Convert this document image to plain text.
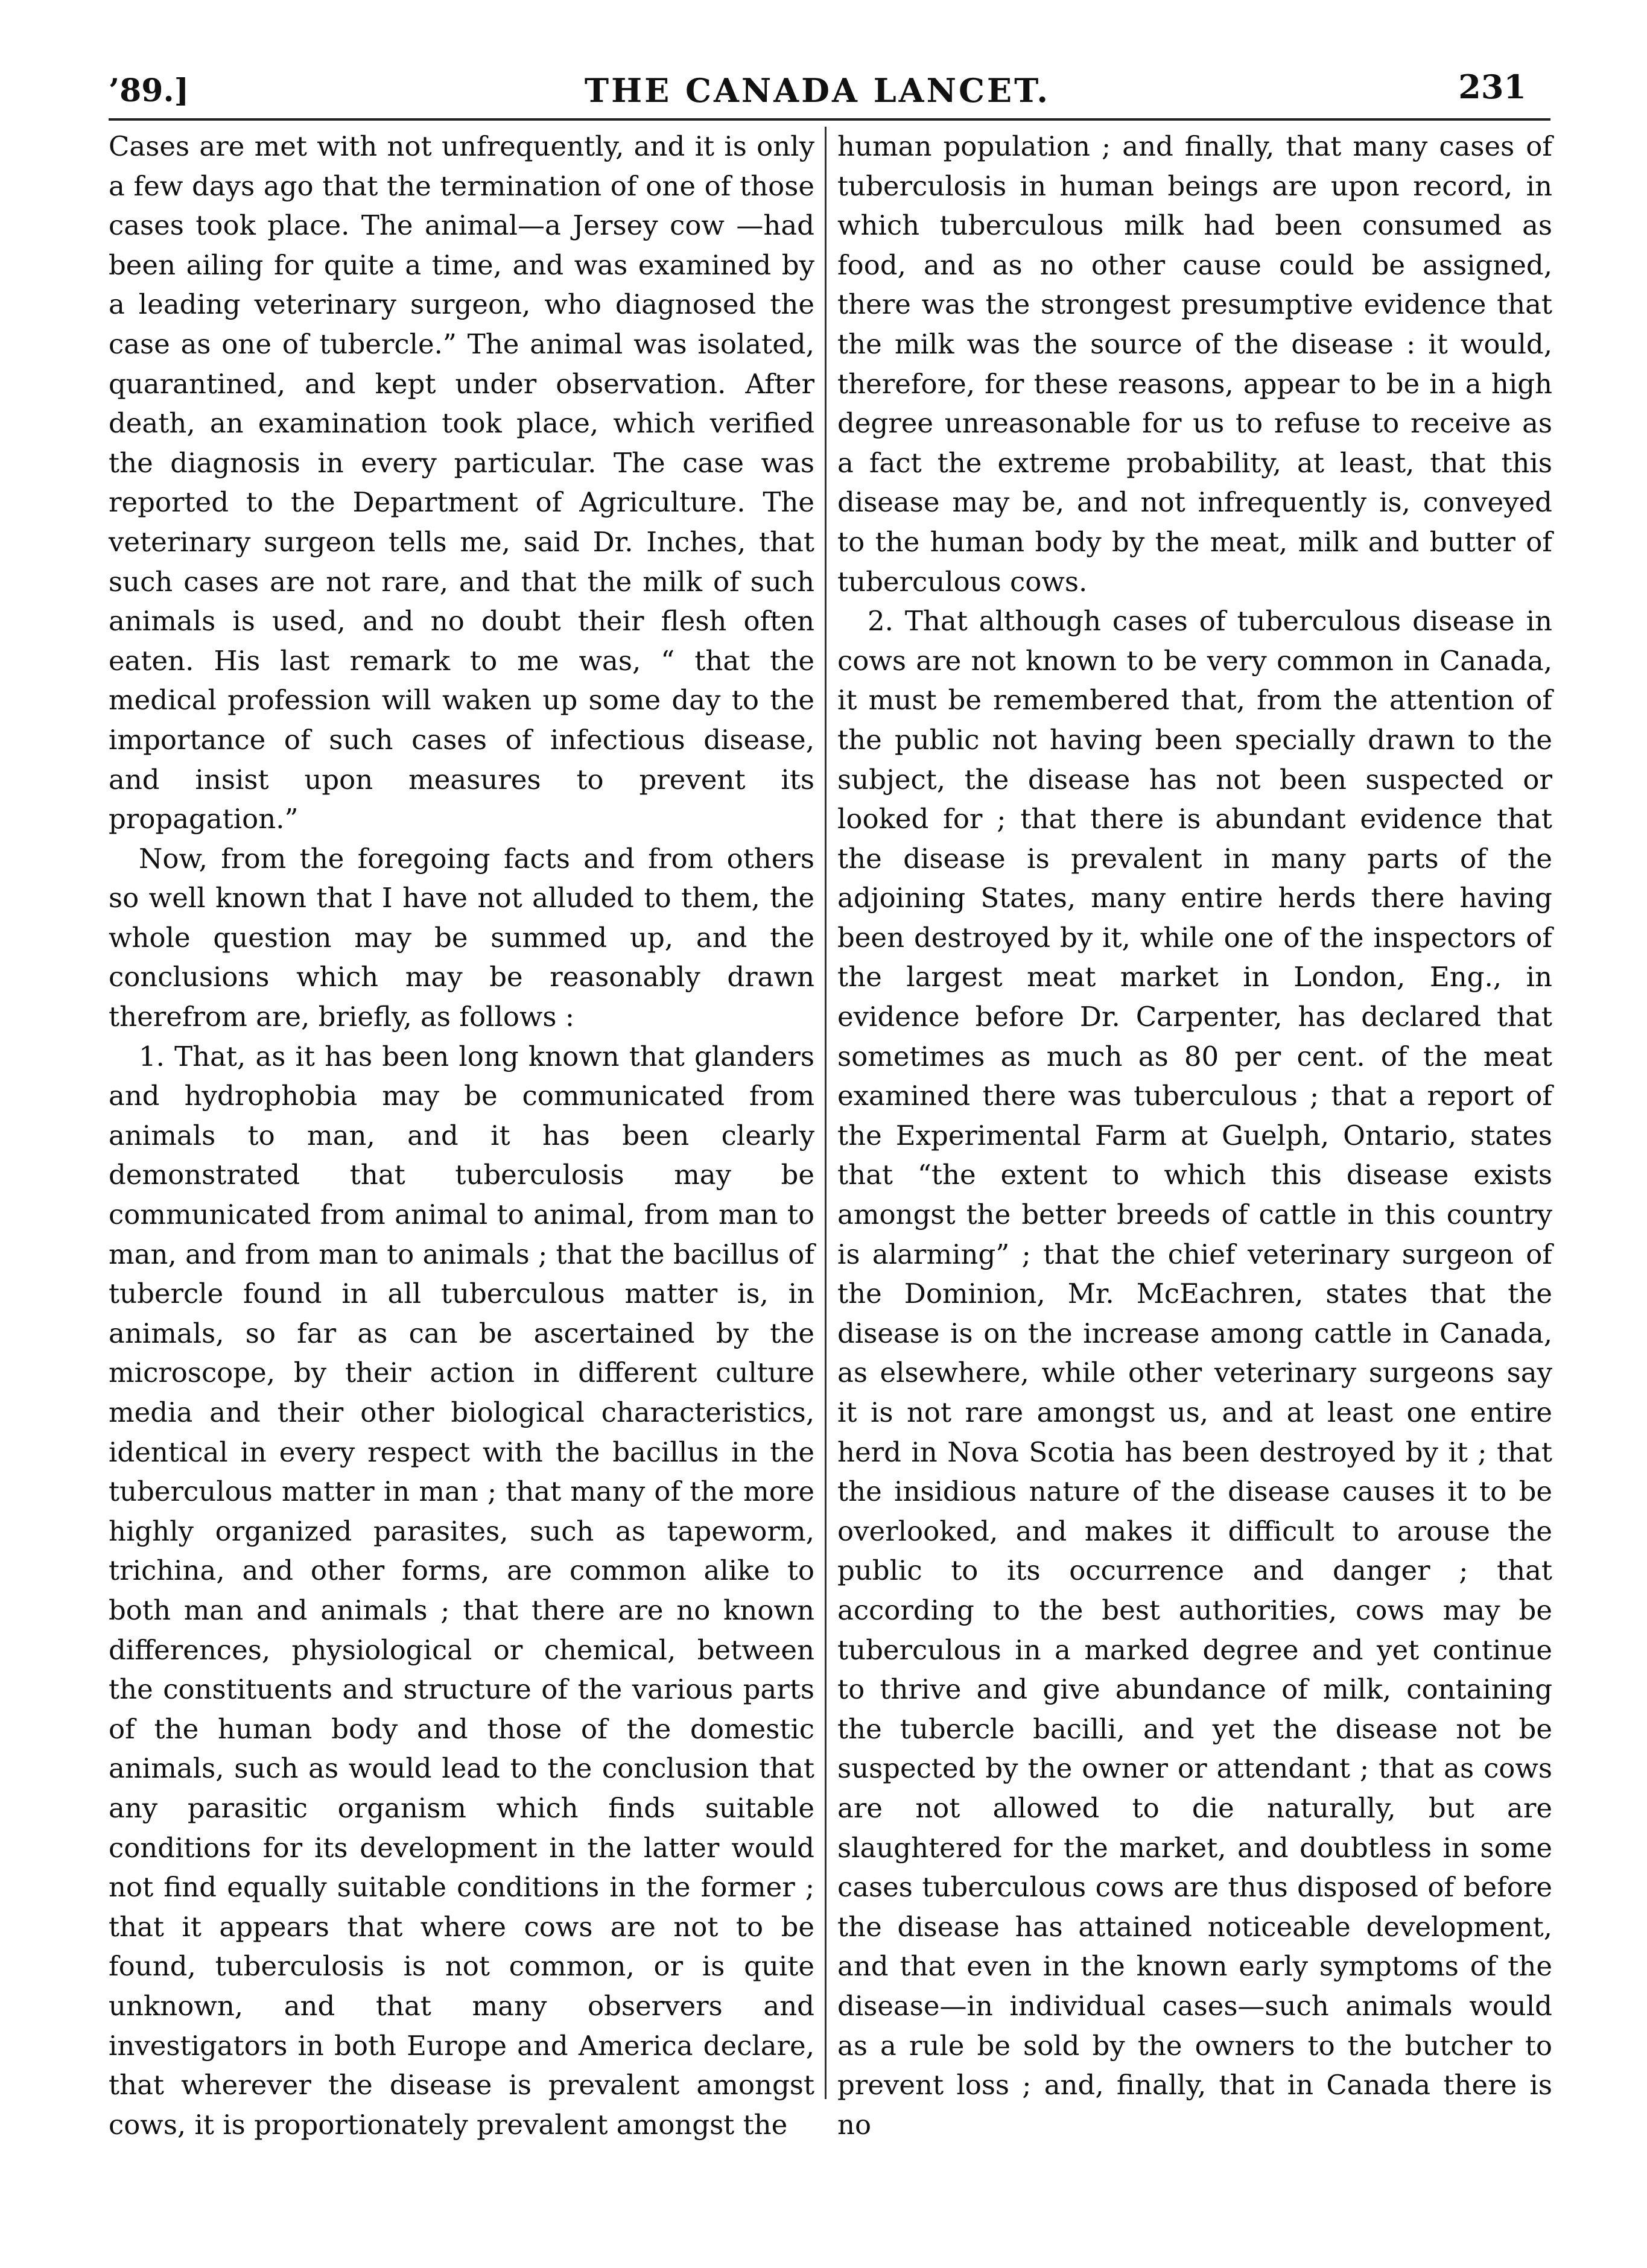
’89.]	THE CANADA LANCET.	231

Cases are met with not unfrequently, and it is only a few days ago that the termination of one of those cases took place. The animal—a Jersey cow —had been ailing for quite a time, and was examined by a leading veterinary surgeon, who diagnosed the case as one of tubercle.” The animal was isolated, quarantined, and kept under observation. After death, an examination took place, which verified the diagnosis in every particular. The case was reported to the Department of Agriculture. The veterinary surgeon tells me, said Dr. Inches, that such cases are not rare, and that the milk of such animals is used, and no doubt their flesh often eaten. His last remark to me was, “ that the medical profession will waken up some day to the importance of such cases of infectious disease, and insist upon measures to prevent its propagation.”

Now, from the foregoing facts and from others so well known that I have not alluded to them, the whole question may be summed up, and the conclusions which may be reasonably drawn therefrom are, briefly, as follows :

1. That, as it has been long known that glanders and hydrophobia may be communicated from animals to man, and it has been clearly demonstrated that tuberculosis may be communicated from animal to animal, from man to man, and from man to animals ; that the bacillus of tubercle found in all tuberculous matter is, in animals, so far as can be ascertained by the microscope, by their action in different culture media and their other biological characteristics, identical in every respect with the bacillus in the tuberculous matter in man ; that many of the more highly organized parasites, such as tapeworm, trichina, and other forms, are common alike to both man and animals ; that there are no known differences, physiological or chemical, between the constituents and structure of the various parts of the human body and those of the domestic animals, such as would lead to the conclusion that any parasitic organism which finds suitable conditions for its development in the latter would not find equally suitable conditions in the former ; that it appears that where cows are not to be found, tuberculosis is not common, or is quite unknown, and that many observers and investigators in both Europe and America declare, that wherever the disease is prevalent amongst cows, it is proportionately prevalent amongst the

human population ; and finally, that many cases of tuberculosis in human beings are upon record, in which tuberculous milk had been consumed as food, and as no other cause could be assigned, there was the strongest presumptive evidence that the milk was the source of the disease : it would, therefore, for these reasons, appear to be in a high degree unreasonable for us to refuse to receive as a fact the extreme probability, at least, that this disease may be, and not infrequently is, conveyed to the human body by the meat, milk and butter of tuberculous cows.

2. That although cases of tuberculous disease in cows are not known to be very common in Canada, it must be remembered that, from the attention of the public not having been specially drawn to the subject, the disease has not been suspected or looked for ; that there is abundant evidence that the disease is prevalent in many parts of the adjoining States, many entire herds there having been destroyed by it, while one of the inspectors of the largest meat market in London, Eng., in evidence before Dr. Carpenter, has declared that sometimes as much as 80 per cent. of the meat examined there was tuberculous ; that a report of the Experimental Farm at Guelph, Ontario, states that “the extent to which this disease exists amongst the better breeds of cattle in this country is alarming” ; that the chief veterinary surgeon of the Dominion, Mr. McEachren, states that the disease is on the increase among cattle in Canada, as elsewhere, while other veterinary surgeons say it is not rare amongst us, and at least one entire herd in Nova Scotia has been destroyed by it ; that the insidious nature of the disease causes it to be overlooked, and makes it difficult to arouse the public to its occurrence and danger ; that according to the best authorities, cows may be tuberculous in a marked degree and yet continue to thrive and give abundance of milk, containing the tubercle bacilli, and yet the disease not be suspected by the owner or attendant ; that as cows are not allowed to die naturally, but are slaughtered for the market, and doubtless in some cases tuberculous cows are thus disposed of before the disease has attained noticeable development, and that even in the known early symptoms of the disease—in individual cases—such animals would as a rule be sold by the owners to the butcher to prevent loss ; and, finally, that in Canada there is no
